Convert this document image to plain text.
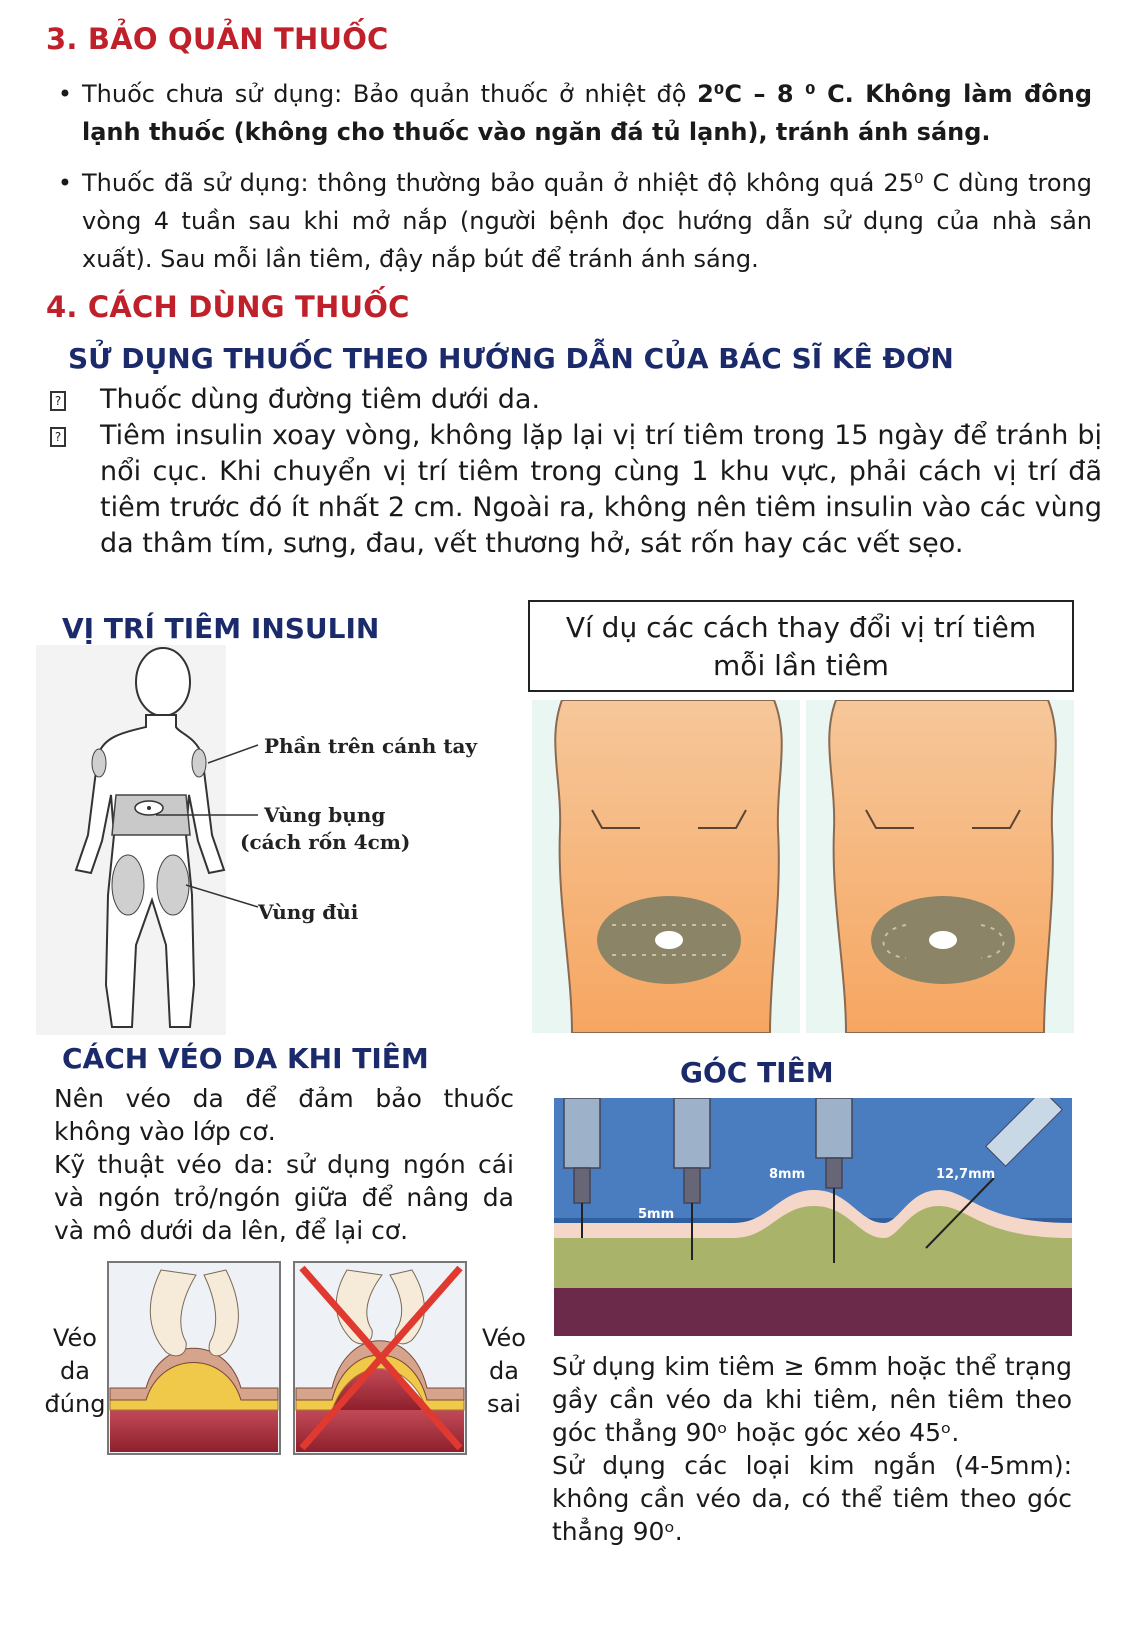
3. BẢO QUẢN THUỐC
• Thuốc chưa sử dụng: Bảo quản thuốc ở nhiệt độ 2⁰C – 8 ⁰ C. Không làm đông lạnh thuốc (không cho thuốc vào ngăn đá tủ lạnh), tránh ánh sáng.
• Thuốc đã sử dụng: thông thường bảo quản ở nhiệt độ không quá 25⁰ C dùng trong vòng 4 tuần sau khi mở nắp (người bệnh đọc hướng dẫn sử dụng của nhà sản xuất). Sau mỗi lần tiêm, đậy nắp bút để tránh ánh sáng.
4. CÁCH DÙNG THUỐC
SỬ DỤNG THUỐC THEO HƯỚNG DẪN CỦA BÁC SĨ KÊ ĐƠN
? Thuốc dùng đường tiêm dưới da.
? Tiêm insulin xoay vòng, không lặp lại vị trí tiêm trong 15 ngày để tránh bị nổi cục. Khi chuyển vị trí tiêm trong cùng 1 khu vực, phải cách vị trí đã tiêm trước đó ít nhất 2 cm. Ngoài ra, không nên tiêm insulin vào các vùng da thâm tím, sưng, đau, vết thương hở, sát rốn hay các vết sẹo.
VỊ TRÍ TIÊM INSULIN
Phần trên cánh tay
Vùng bụng
(cách rốn 4cm)
Vùng đùi
Ví dụ các cách thay đổi vị trí tiêm
mỗi lần tiêm
CÁCH VÉO DA KHI TIÊM
Nên véo da để đảm bảo thuốc không vào lớp cơ.
Kỹ thuật véo da: sử dụng ngón cái và ngón trỏ/ngón giữa để nâng da và mô dưới da lên, để lại cơ.
Véo
da
đúng
Véo
da
sai
GÓC TIÊM
5mm
8mm	12,7mm
Sử dụng kim tiêm ≥ 6mm hoặc thể trạng gầy cần véo da khi tiêm, nên tiêm theo góc thẳng 90ᵒ hoặc góc xéo 45ᵒ.
Sử dụng các loại kim ngắn (4-5mm): không cần véo da, có thể tiêm theo góc thẳng 90ᵒ.
